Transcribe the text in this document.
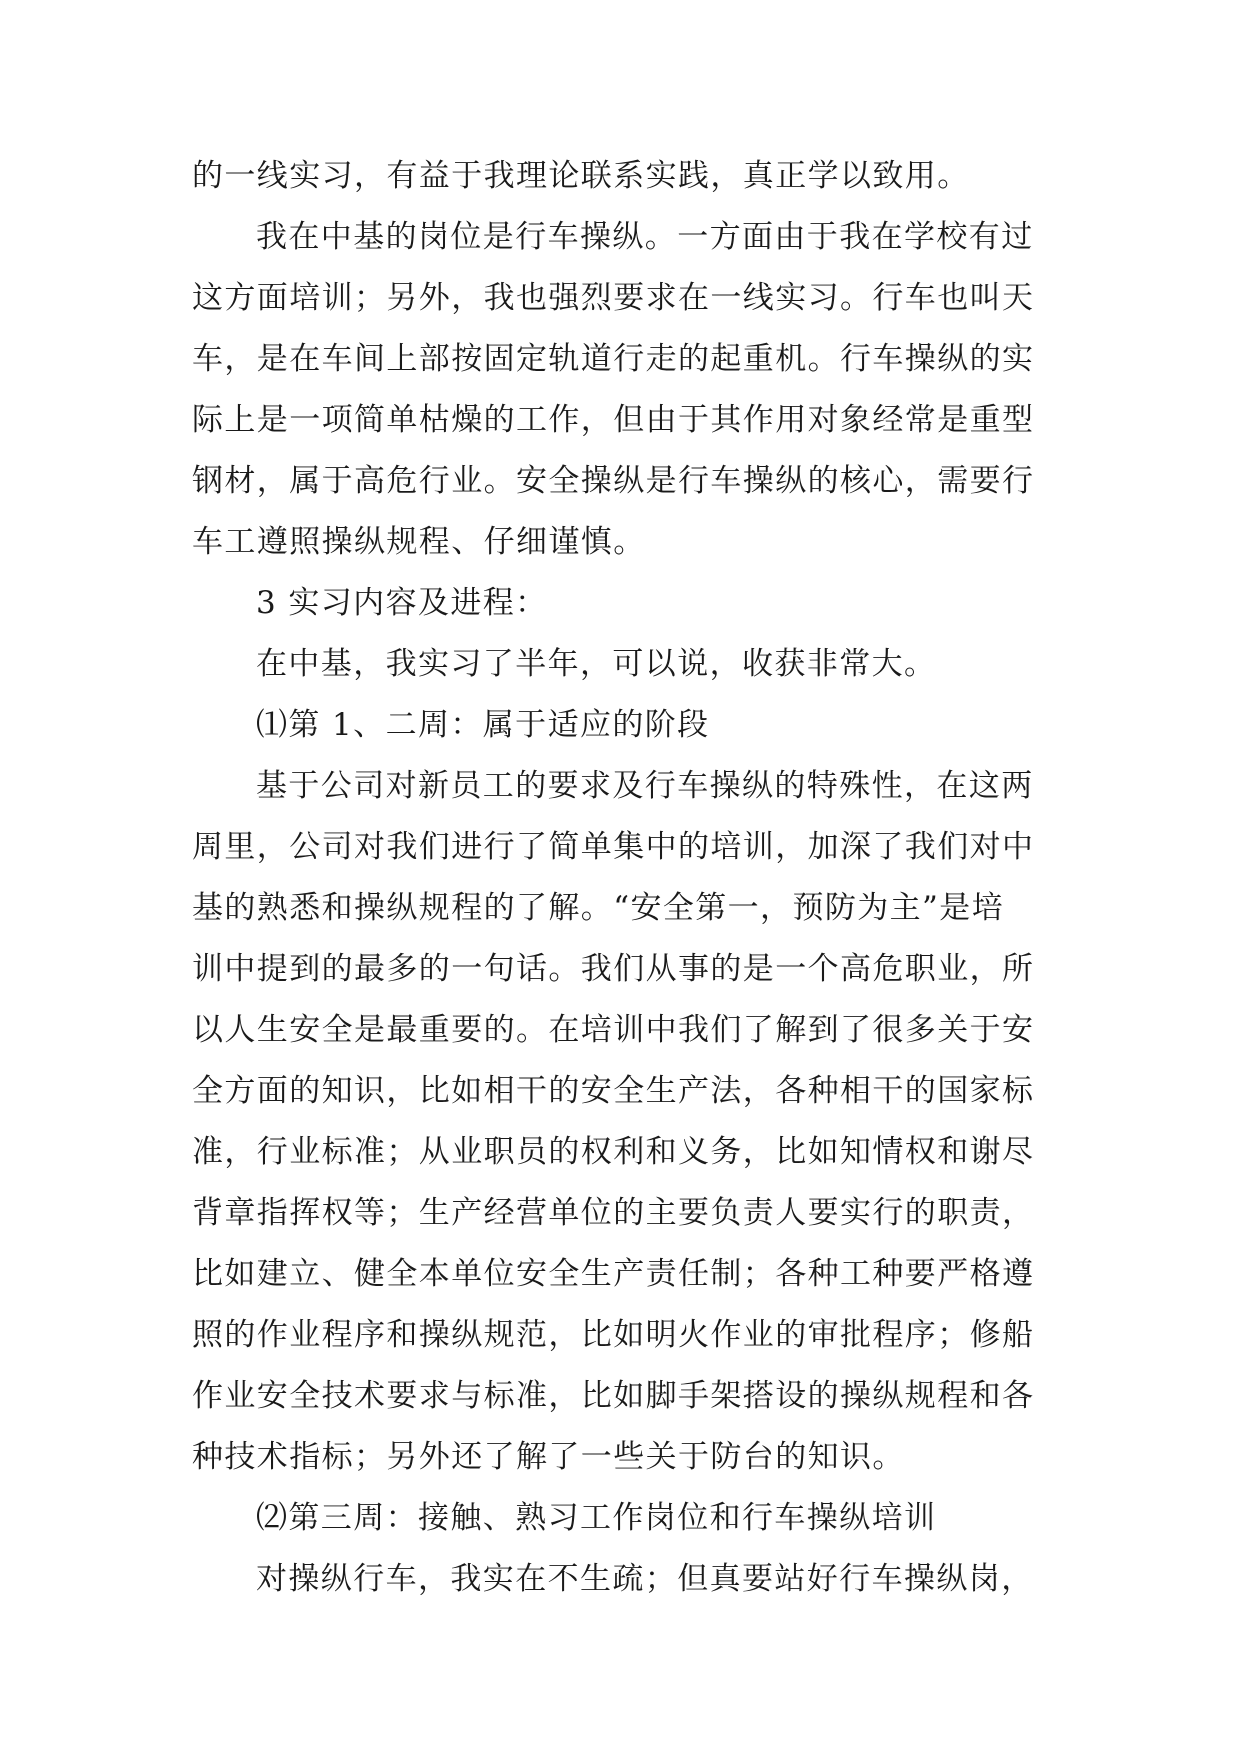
的一线实习，有益于我理论联系实践，真正学以致用。
我在中基的岗位是行车操纵。一方面由于我在学校有过
这方面培训；另外，我也强烈要求在一线实习。行车也叫天
车，是在车间上部按固定轨道行走的起重机。行车操纵的实
际上是一项简单枯燥的工作，但由于其作用对象经常是重型
钢材，属于高危行业。安全操纵是行车操纵的核心，需要行
车工遵照操纵规程、仔细谨慎。
3 实习内容及进程：
在中基，我实习了半年，可以说，收获非常大。
⑴第 1、二周：属于适应的阶段
基于公司对新员工的要求及行车操纵的特殊性，在这两
周里，公司对我们进行了简单集中的培训，加深了我们对中
基的熟悉和操纵规程的了解。“安全第一，预防为主”是培
训中提到的最多的一句话。我们从事的是一个高危职业，所
以人生安全是最重要的。在培训中我们了解到了很多关于安
全方面的知识，比如相干的安全生产法，各种相干的国家标
准，行业标准；从业职员的权利和义务，比如知情权和谢尽
背章指挥权等；生产经营单位的主要负责人要实行的职责，
比如建立、健全本单位安全生产责任制；各种工种要严格遵
照的作业程序和操纵规范，比如明火作业的审批程序；修船
作业安全技术要求与标准，比如脚手架搭设的操纵规程和各
种技术指标；另外还了解了一些关于防台的知识。
⑵第三周：接触、熟习工作岗位和行车操纵培训
对操纵行车，我实在不生疏；但真要站好行车操纵岗，
